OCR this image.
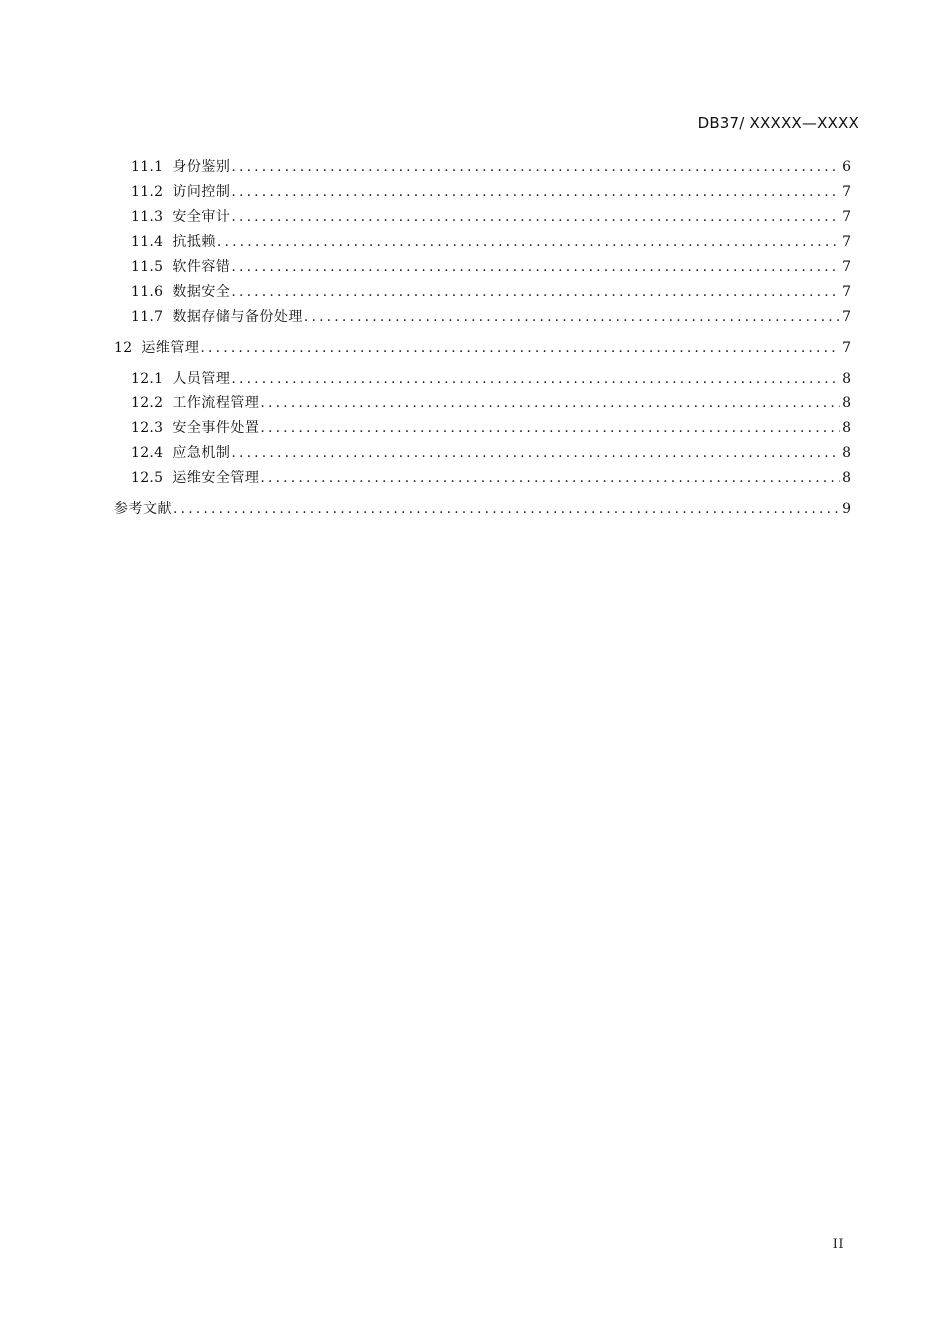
DB37/ XXXXX—XXXX
11.1 身份鉴别 .....	6
11.2 访问控制 .....	7
11.3 安全审计 .....	7
11.4 抗抵赖 .....	7
11.5 软件容错 .....	7
11.6 数据安全 .....	7
11.7 数据存储与备份处理 .....	7
12 运维管理 .....	7
12.1 人员管理 .....	8
12.2 工作流程管理 .....	8
12.3 安全事件处置 .....	8
12.4 应急机制 .....	8
12.5 运维安全管理 .....	8
参考文献 .....	9
II
